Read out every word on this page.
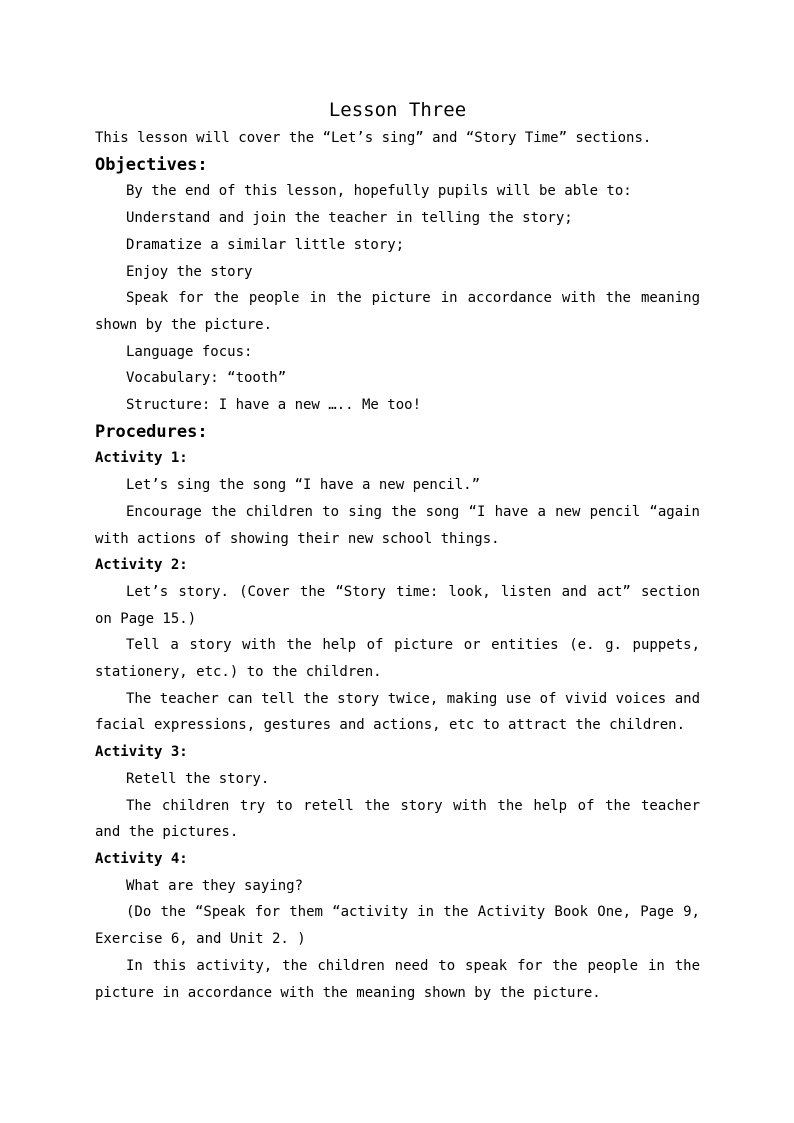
Lesson Three
This lesson will cover the “Let’s sing” and “Story Time” sections.
Objectives:
By the end of this lesson, hopefully pupils will be able to:
Understand and join the teacher in telling the story;
Dramatize a similar little story;
Enjoy the story
Speak for the people in the picture in accordance with the meaning shown by the picture.
Language focus:
Vocabulary: “tooth”
Structure: I have a new ….. Me too!
Procedures:
Activity 1:
Let’s sing the song “I have a new pencil.”
Encourage the children to sing the song “I have a new pencil “again with actions of showing their new school things.
Activity 2:
Let’s story. (Cover the “Story time: look, listen and act” section on Page 15.)
Tell a story with the help of picture or entities (e. g. puppets, stationery, etc.) to the children.
The teacher can tell the story twice, making use of vivid voices and facial expressions, gestures and actions, etc to attract the children.
Activity 3:
Retell the story.
The children try to retell the story with the help of the teacher and the pictures.
Activity 4:
What are they saying?
(Do the “Speak for them “activity in the Activity Book One, Page 9, Exercise 6, and Unit 2. )
In this activity, the children need to speak for the people in the picture in accordance with the meaning shown by the picture.
